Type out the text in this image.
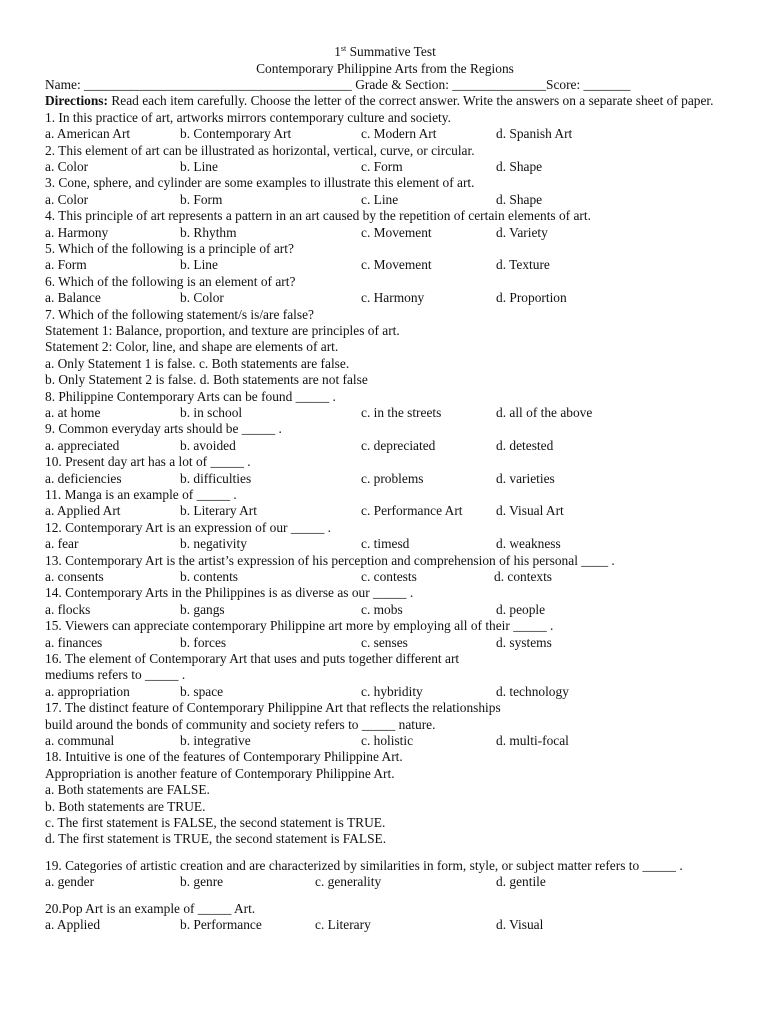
1st Summative Test
Contemporary Philippine Arts from the Regions
Name: ________________________________________ Grade & Section: ______________Score: _______
Directions: Read each item carefully. Choose the letter of the correct answer. Write the answers on a separate sheet of paper.
1. In this practice of art, artworks mirrors contemporary culture and society.
a. American Art	b. Contemporary Art	c. Modern Art	d. Spanish Art
2. This element of art can be illustrated as horizontal, vertical, curve, or circular.
a. Color	b. Line	c. Form	d. Shape
3. Cone, sphere, and cylinder are some examples to illustrate this element of art.
a. Color	b. Form	c. Line	d. Shape
4. This principle of art represents a pattern in an art caused by the repetition of certain elements of art.
a. Harmony	b. Rhythm	c. Movement	d. Variety
5. Which of the following is a principle of art?
a. Form	b. Line	c. Movement	d. Texture
6. Which of the following is an element of art?
a. Balance	b. Color	c. Harmony	d. Proportion
7. Which of the following statement/s is/are false?
Statement 1: Balance, proportion, and texture are principles of art.
Statement 2: Color, line, and shape are elements of art.
a. Only Statement 1 is false. c. Both statements are false.
b. Only Statement 2 is false. d. Both statements are not false
8. Philippine Contemporary Arts can be found _____ .
a. at home	b. in school	c. in the streets	d. all of the above
9. Common everyday arts should be _____ .
a. appreciated	b. avoided	c. depreciated	d. detested
10. Present day art has a lot of _____ .
a. deficiencies	b. difficulties	c. problems	d. varieties
11. Manga is an example of _____ .
a. Applied Art	b. Literary Art	c. Performance Art d. Visual Art
12. Contemporary Art is an expression of our _____ .
a. fear	b. negativity	c. timesd	d. weakness
13. Contemporary Art is the artist’s expression of his perception and comprehension of his personal ____ .
a. consents	b. contents	c. contests	d. contexts
14. Contemporary Arts in the Philippines is as diverse as our _____ .
a. flocks	b. gangs	c. mobs	d. people
15. Viewers can appreciate contemporary Philippine art more by employing all of their _____ .
a. finances	b. forces	c. senses	d. systems
16. The element of Contemporary Art that uses and puts together different art
mediums refers to _____ .
a. appropriation	b. space	c. hybridity	d. technology
17. The distinct feature of Contemporary Philippine Art that reflects the relationships
build around the bonds of community and society refers to _____ nature.
a. communal	b. integrative	c. holistic	d. multi-focal
18. Intuitive is one of the features of Contemporary Philippine Art.
Appropriation is another feature of Contemporary Philippine Art.
a. Both statements are FALSE.
b. Both statements are TRUE.
c. The first statement is FALSE, the second statement is TRUE.
d. The first statement is TRUE, the second statement is FALSE.
19. Categories of artistic creation and are characterized by similarities in form, style, or subject matter refers to _____ .
a. gender	b. genre	c. generality	d. gentile
20.Pop Art is an example of _____ Art.
a. Applied	b. Performance	c. Literary	d. Visual
